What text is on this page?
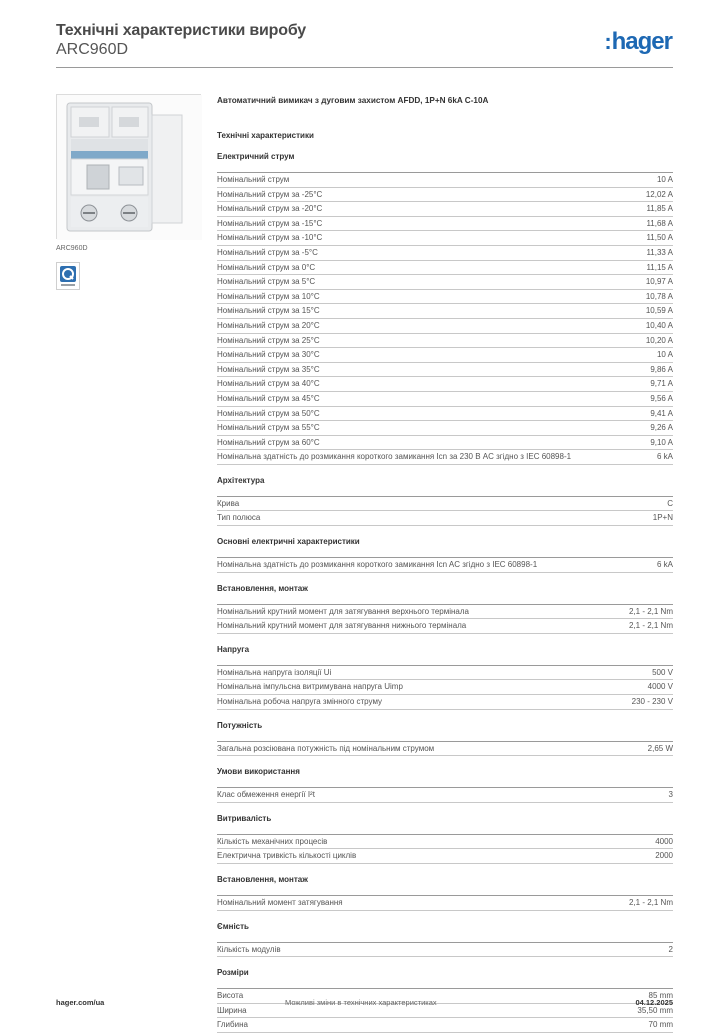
Технічні характеристики виробу
ARC960D	:hager
ARC960D
Автоматичний вимикач з дуговим захистом AFDD, 1P+N 6kA C-10A
Технічні характеристики
Електричний струм
Номінальний струм	10 A
Номінальний струм за -25°C	12,02 A
Номінальний струм за -20°C	11,85 A
Номінальний струм за -15°C	11,68 A
Номінальний струм за -10°C	11,50 A
Номінальний струм за -5°C	11,33 A
Номінальний струм за 0°C	11,15 A
Номінальний струм за 5°C	10,97 A
Номінальний струм за 10°C	10,78 A
Номінальний струм за 15°C	10,59 A
Номінальний струм за 20°C	10,40 A
Номінальний струм за 25°C	10,20 A
Номінальний струм за 30°C	10 A
Номінальний струм за 35°C	9,86 A
Номінальний струм за 40°C	9,71 A
Номінальний струм за 45°C	9,56 A
Номінальний струм за 50°C	9,41 A
Номінальний струм за 55°C	9,26 A
Номінальний струм за 60°C	9,10 A
Номінальна здатність до розмикання короткого замикання Icn за 230 В AC згідно з IEC 60898-1	6 kA
Архітектура
Крива	C
Тип полюса	1P+N
Основні електричні характеристики
Номінальна здатність до розмикання короткого замикання Icn AC згідно з IEC 60898-1	6 kA
Встановлення, монтаж
Номінальний крутний момент для затягування верхнього термінала	2,1 - 2,1 Nm
Номінальний крутний момент для затягування нижнього термінала	2,1 - 2,1 Nm
Напруга
Номінальна напруга ізоляції Ui	500 V
Номінальна імпульсна витримувана напруга Uimp	4000 V
Номінальна робоча напруга змінного струму	230 - 230 V
Потужність
Загальна розсіювана потужність під номінальним струмом	2,65 W
Умови використання
Клас обмеження енергії I²t	3
Витривалість
Кількість механічних процесів	4000
Електрична тривкість кількості циклів	2000
Встановлення, монтаж
Номінальний момент затягування	2,1 - 2,1 Nm
Ємність
Кількість модулів	2
Розміри
Висота	85 mm
Ширина	35,50 mm
Глибина	70 mm
hager.com/ua	Можливі зміни в технічних характеристиках	04.12.2025
